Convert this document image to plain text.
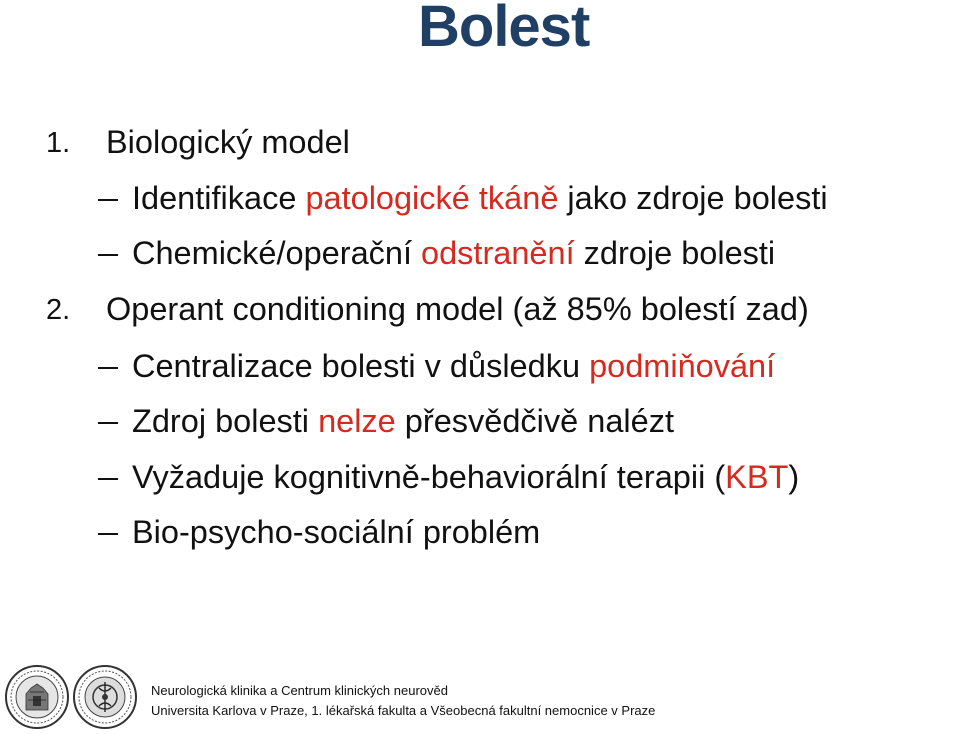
Bolest
1. Biologický model
Identifikace patologické tkáně jako zdroje bolesti
Chemické/operační odstranění zdroje bolesti
2. Operant conditioning model (až 85% bolestí zad)
Centralizace bolesti v důsledku podmiňování
Zdroj bolesti nelze přesvědčivě nalézt
Vyžaduje kognitivně-behaviorální terapii (KBT)
Bio-psycho-sociální problém
Neurologická klinika a Centrum klinických neurověd
Universita Karlova v Praze, 1. lékařská fakulta a Všeobecná fakultní nemocnice v Praze
